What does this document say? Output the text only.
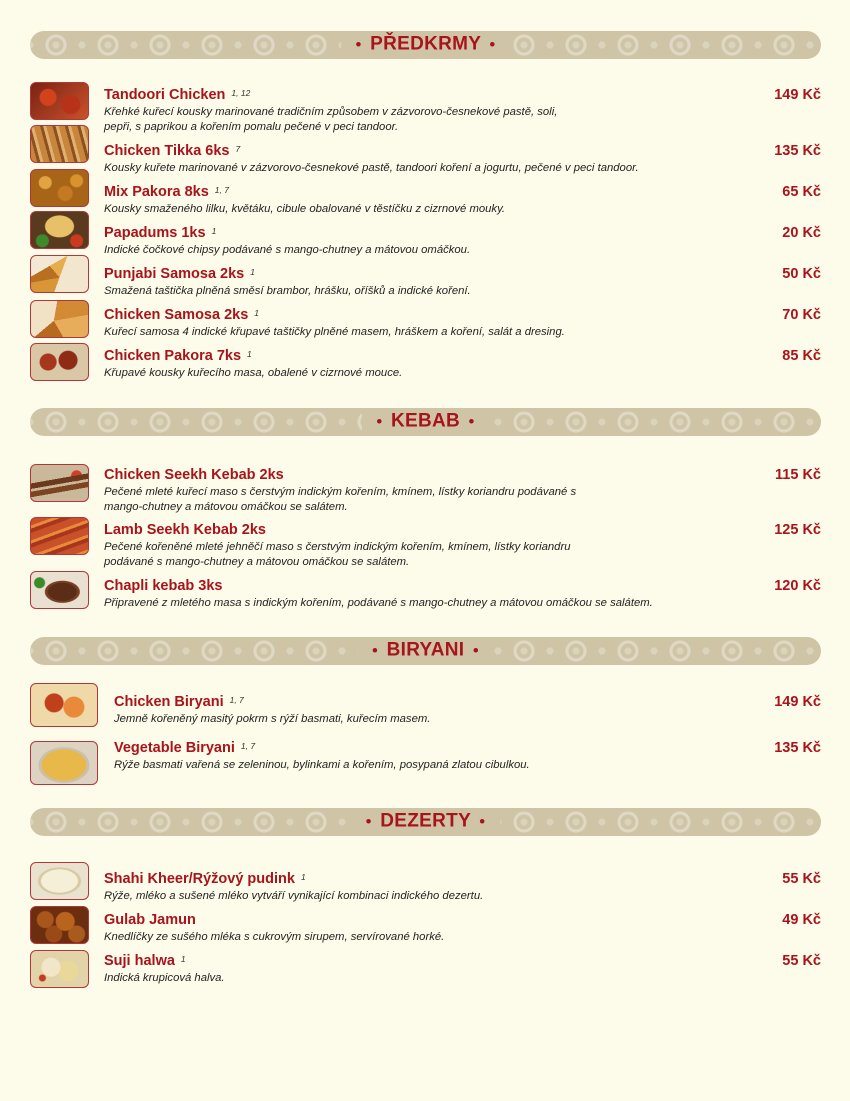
• PŘEDKRMY •
Tandoori Chicken $^{1, 12}$
Křehké kuřecí kousky marinované tradičním způsobem v zázvorovo-česnekové pastě, soli, pepři, s paprikou a kořením pomalu pečené v peci tandoor.
149 Kč
Chicken Tikka 6ks $^7$
Kousky kuřete marinované v zázvorovo-česnekové pastě, tandoori koření a jogurtu, pečené v peci tandoor.
135 Kč
Mix Pakora 8ks $^{1, 7}$
Kousky smaženého lilku, květáku, cibule obalované v těstíčku z cizrnové mouky.
65 Kč
Papadums 1ks $^1$
Indické čočkové chipsy podávané s mango-chutney a mátovou omáčkou.
20 Kč
Punjabi Samosa 2ks $^1$
Smažená taštička plněná směsí brambor, hrášku, oříšků a indické koření.
50 Kč
Chicken Samosa 2ks $^1$
Kuřecí samosa 4 indické křupavé taštičky plněné masem, hráškem a koření, salát a dresing.
70 Kč
Chicken Pakora 7ks $^1$
Křupavé kousky kuřecího masa, obalené v cizrnové mouce.
85 Kč
• KEBAB •
Chicken Seekh Kebab 2ks
Pečené mleté kuřecí maso s čerstvým indickým kořením, kmínem, lístky koriandru podávané s mango-chutney a mátovou omáčkou se salátem.
115 Kč
Lamb Seekh Kebab 2ks
Pečené kořeněné mleté jehněčí maso s čerstvým indickým kořením, kmínem, lístky koriandru podávané s mango-chutney a mátovou omáčkou se salátem.
125 Kč
Chapli kebab 3ks
Připravené z mletého masa s indickým kořením, podávané s mango-chutney a mátovou omáčkou se salátem.
120 Kč
• BIRYANI •
Chicken Biryani $^{1, 7}$
Jemně kořeněný masitý pokrm s rýží basmati, kuřecím masem.
149 Kč
Vegetable Biryani $^{1, 7}$
Rýže basmati vařená se zeleninou, bylinkami a kořením, posypaná zlatou cibulkou.
135 Kč
• DEZERTY •
Shahi Kheer/Rýžový pudink $^1$
Rýže, mléko a sušené mléko vytváří vynikající kombinaci indického dezertu.
55 Kč
Gulab Jamun
Knedlíčky ze sušého mléka s cukrovým sirupem, servírované horké.
49 Kč
Suji halwa $^1$
Indická krupicová halva.
55 Kč
